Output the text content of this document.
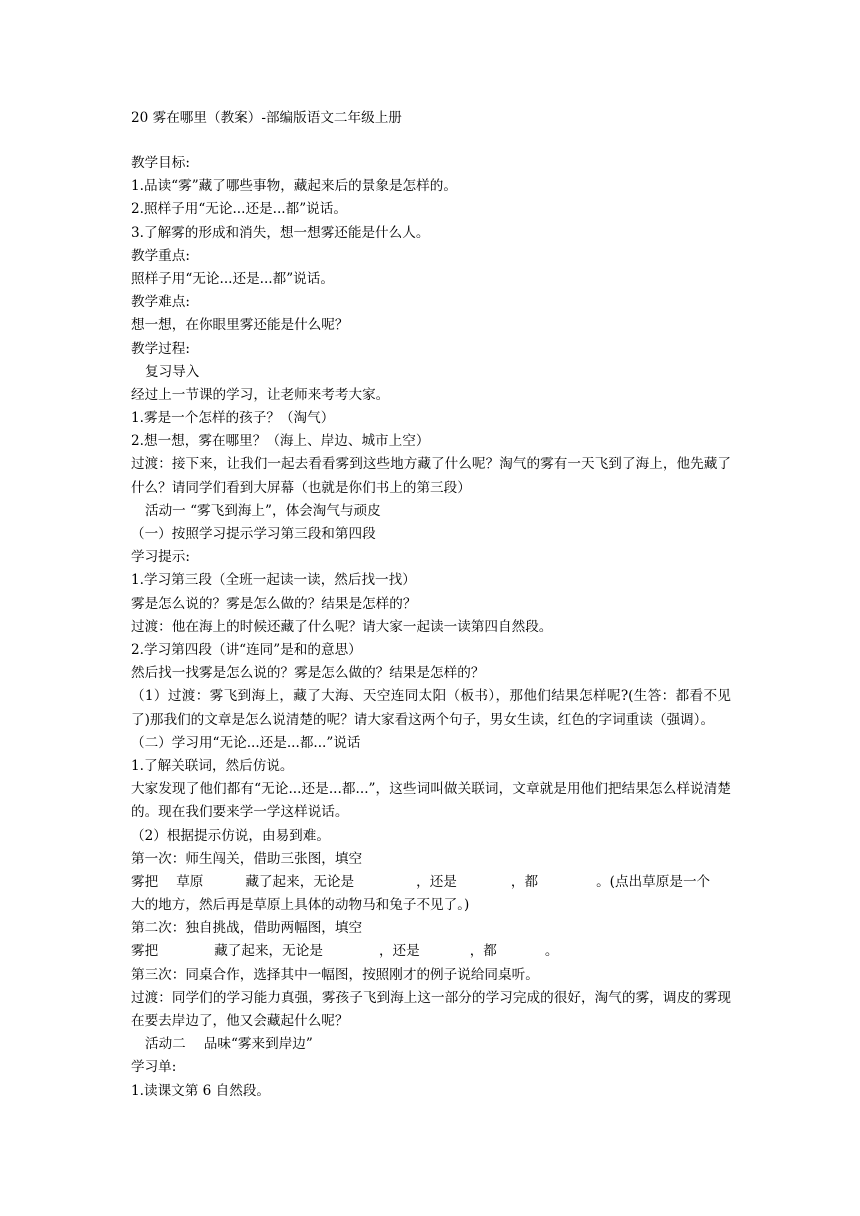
20 雾在哪里（教案）-部编版语文二年级上册
教学目标:
1.品读“雾”藏了哪些事物，藏起来后的景象是怎样的。
2.照样子用“无论...还是...都”说话。
3.了解雾的形成和消失，想一想雾还能是什么人。
教学重点:
照样子用“无论...还是...都”说话。
教学难点:
想一想，在你眼里雾还能是什么呢？
教学过程:
复习导入
经过上一节课的学习，让老师来考考大家。
1.雾是一个怎样的孩子？（淘气）
2.想一想，雾在哪里？（海上、岸边、城市上空）
过渡：接下来，让我们一起去看看雾到这些地方藏了什么呢？淘气的雾有一天飞到了海上，他先藏了什么？请同学们看到大屏幕（也就是你们书上的第三段）
活动一 “雾飞到海上”，体会淘气与顽皮
（一）按照学习提示学习第三段和第四段
学习提示:
1.学习第三段（全班一起读一读，然后找一找）
雾是怎么说的？雾是怎么做的？结果是怎样的？
过渡：他在海上的时候还藏了什么呢？请大家一起读一读第四自然段。
2.学习第四段（讲“连同”是和的意思）
然后找一找雾是怎么说的？雾是怎么做的？结果是怎样的？
（1）过渡：雾飞到海上，藏了大海、天空连同太阳（板书），那他们结果怎样呢?(生答：都看不见了)那我们的文章是怎么说清楚的呢？请大家看这两个句子，男女生读，红色的字词重读（强调）。
（二）学习用“无论...还是...都...”说话
1.了解关联词，然后仿说。
大家发现了他们都有“无论...还是...都...”，这些词叫做关联词，文章就是用他们把结果怎么样说清楚的。现在我们要来学一学这样说话。
（2）根据提示仿说，由易到难。
第一次：师生闯关，借助三张图，填空
雾把 草原	藏了起来，无论是	，还是	，都	。(点出草原是一个
大的地方，然后再是草原上具体的动物马和兔子不见了。)
第二次：独自挑战，借助两幅图，填空
雾把	藏了起来，无论是	，还是	，都	。
第三次：同桌合作，选择其中一幅图，按照刚才的例子说给同桌听。
过渡：同学们的学习能力真强，雾孩子飞到海上这一部分的学习完成的很好，淘气的雾，调皮的雾现在要去岸边了，他又会藏起什么呢？
活动二 品味“雾来到岸边”
学习单:
1.读课文第 6 自然段。
